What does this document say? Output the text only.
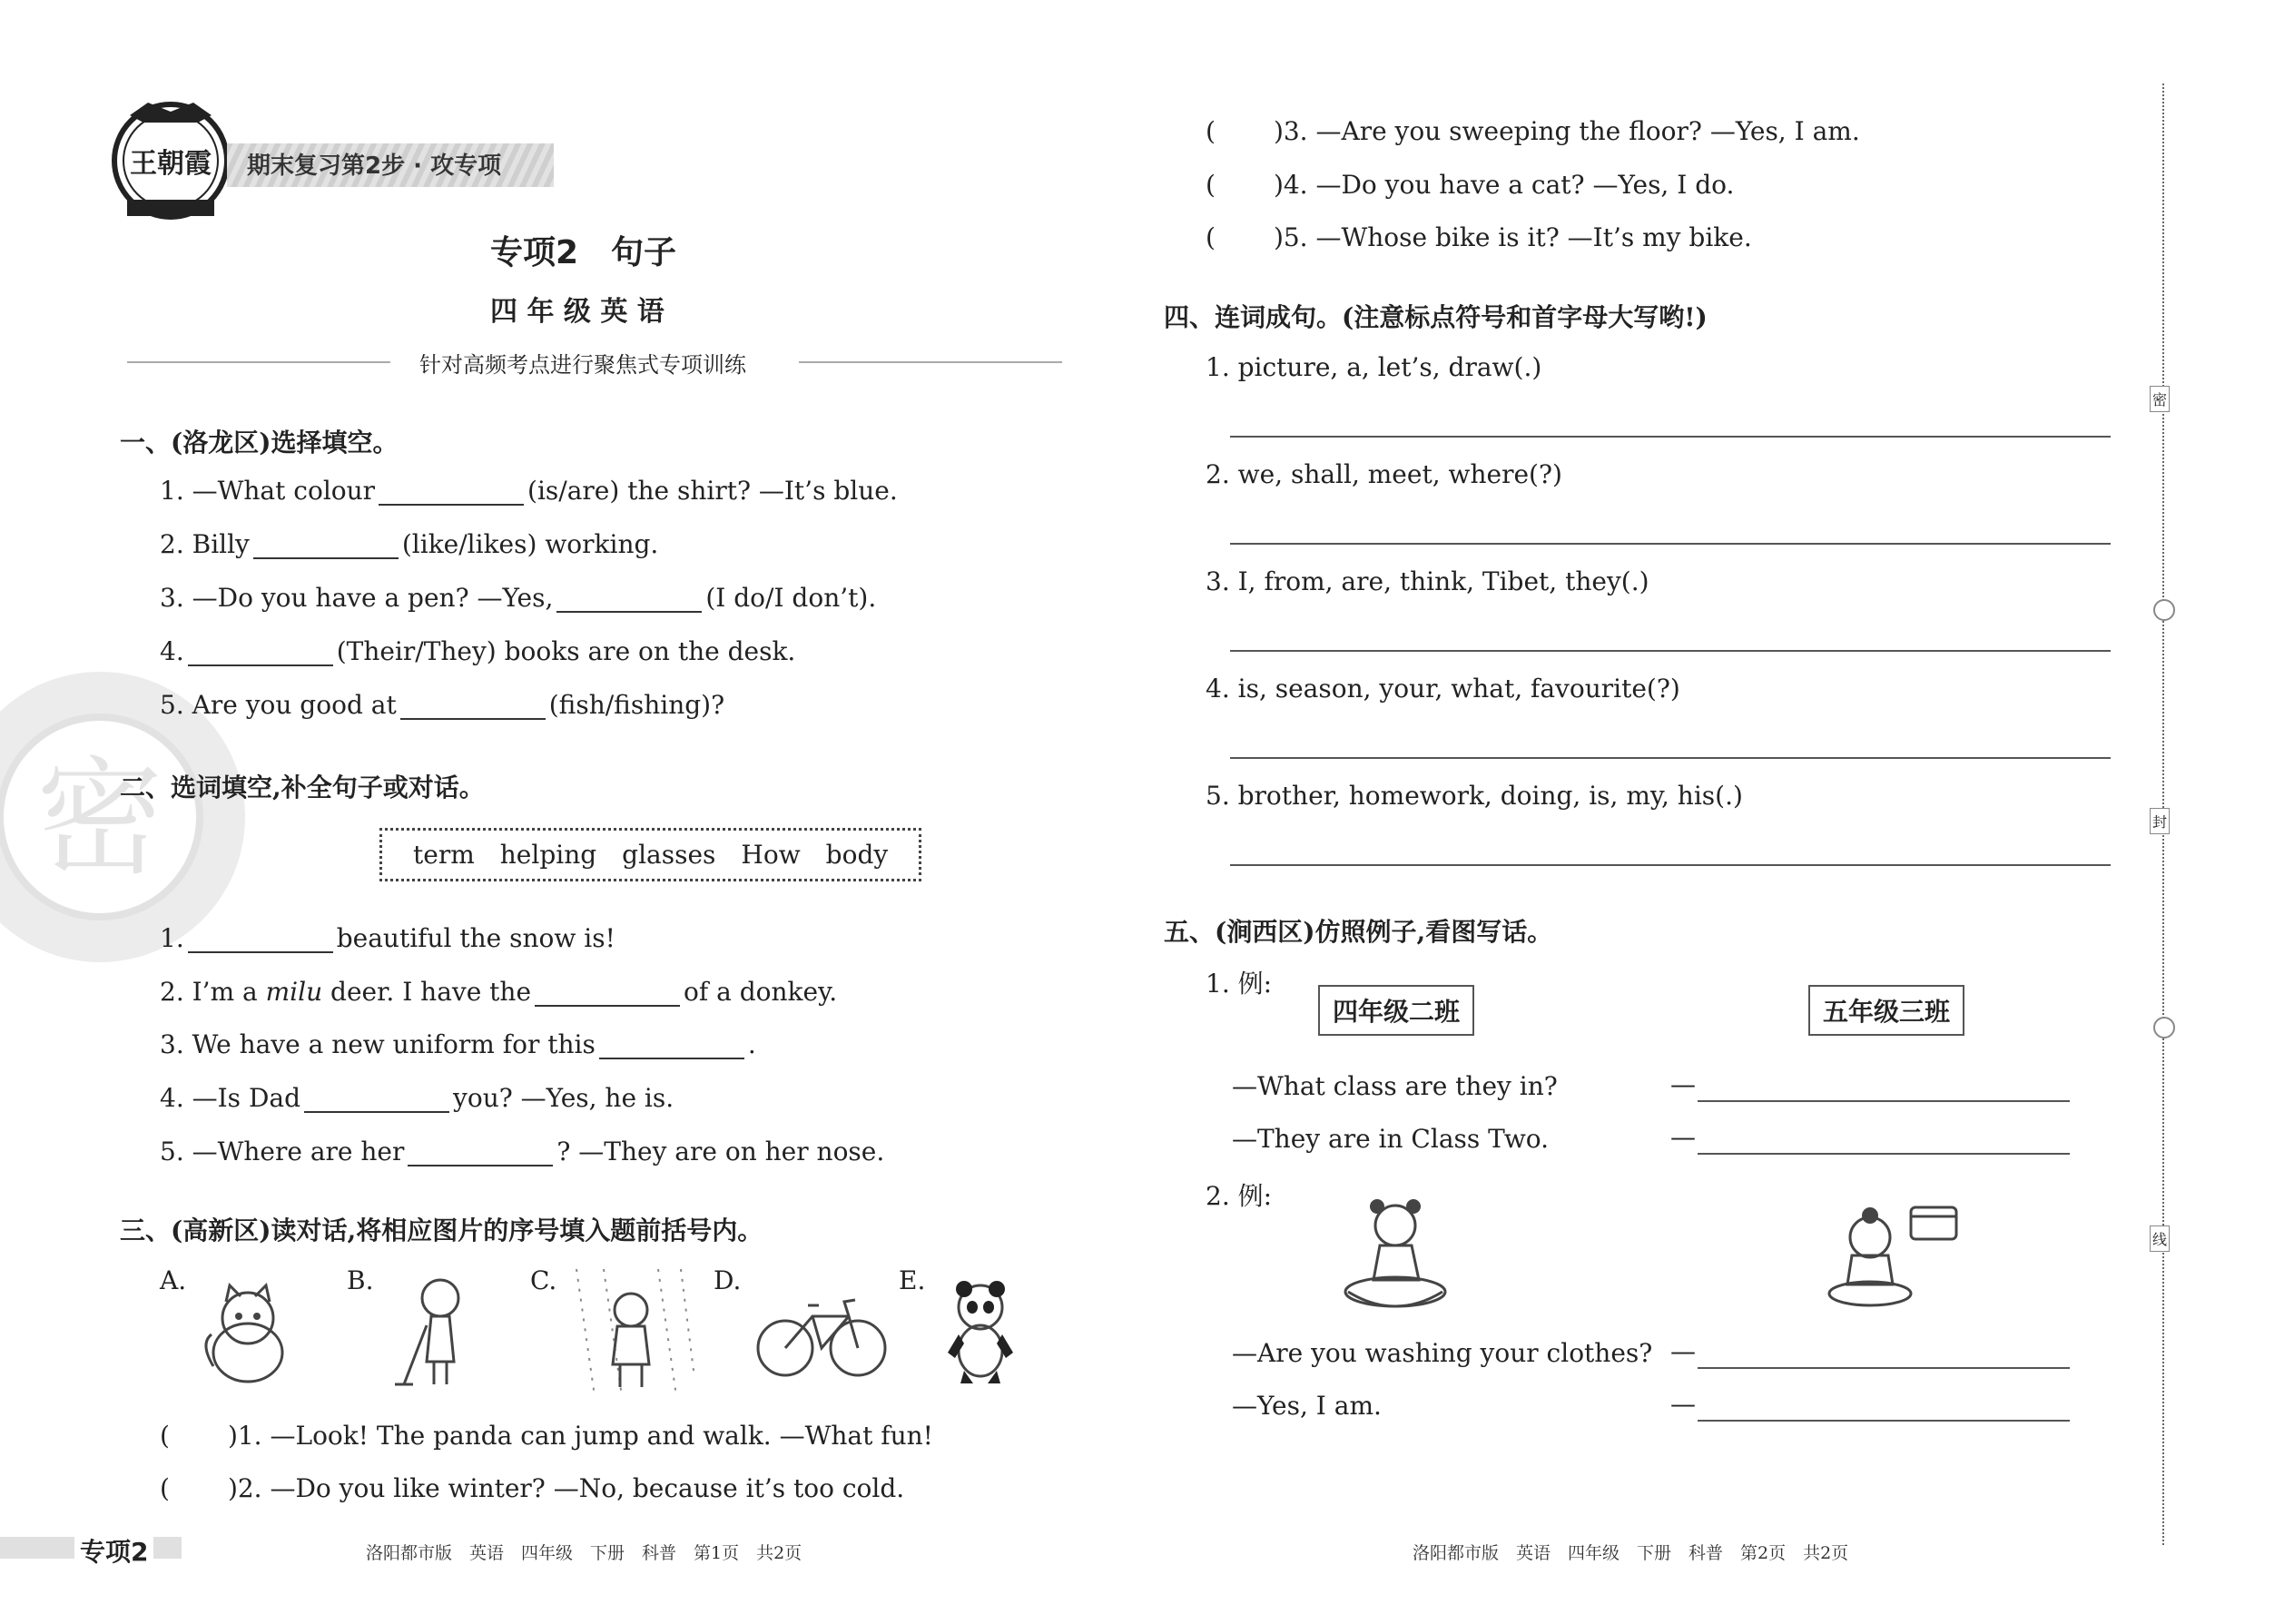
密
王朝霞 期末复习第2步 · 攻专项
专项2　句子
四 年 级 英 语
针对高频考点进行聚焦式专项训练
一、(洛龙区)选择填空。
1. —What colour	(is/are) the shirt? —It’s blue.
2. Billy	(like/likes) working.
3. —Do you have a pen? —Yes,	(I do/I don’t).
4.	(Their/They) books are on the desk.
5. Are you good at	(fish/fishing)?
二、选词填空,补全句子或对话。
term helping glasses How body
1.	beautiful the snow is!
2. I’m a milu deer. I have the	of a donkey.
3. We have a new uniform for this	.
4. —Is Dad	you? —Yes, he is.
5. —Where are her	? —They are on her nose.
三、(高新区)读对话,将相应图片的序号填入题前括号内。
A.	B.	C.	D.	E.
( )1. —Look! The panda can jump and walk. —What fun!
( )2. —Do you like winter? —No, because it’s too cold.
专项2	洛阳都市版　英语　四年级　下册　科普　第1页　共2页
( )3. —Are you sweeping the floor? —Yes, I am.
( )4. —Do you have a cat? —Yes, I do.
( )5. —Whose bike is it? —It’s my bike.
四、连词成句。(注意标点符号和首字母大写哟!)
1. picture, a, let’s, draw(.)
2. we, shall, meet, where(?)
3. I, from, are, think, Tibet, they(.)
4. is, season, your, what, favourite(?)
5. brother, homework, doing, is, my, his(.)
五、(涧西区)仿照例子,看图写话。
1. 例:
四年级二班	五年级三班
—What class are they in?	—
—They are in Class Two.	—
2. 例:
—Are you washing your clothes? —
—Yes, I am.	—
洛阳都市版　英语　四年级　下册　科普　第2页　共2页
密
封
线
